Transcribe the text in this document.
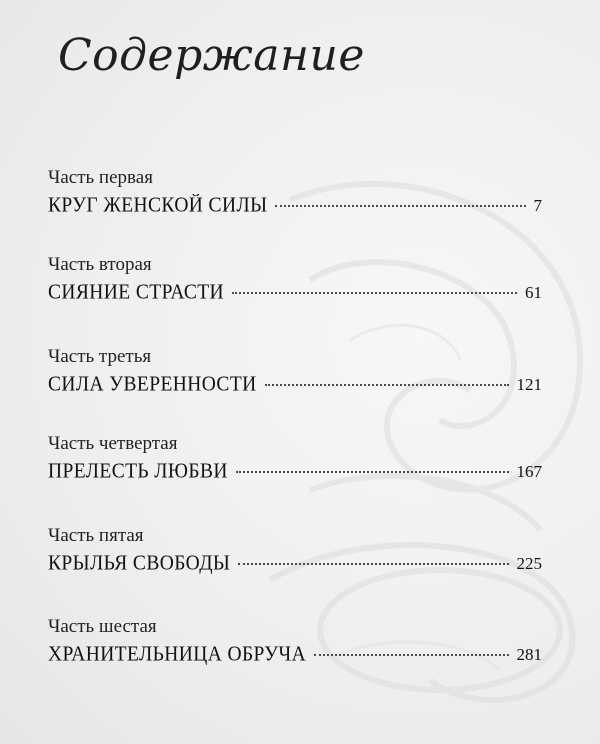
Содержание
Часть первая
КРУГ ЖЕНСКОЙ СИЛЫ	7
Часть вторая
СИЯНИЕ СТРАСТИ	61
Часть третья
СИЛА УВЕРЕННОСТИ	121
Часть четвертая
ПРЕЛЕСТЬ ЛЮБВИ	167
Часть пятая
КРЫЛЬЯ СВОБОДЫ	225
Часть шестая
ХРАНИТЕЛЬНИЦА ОБРУЧА	281
